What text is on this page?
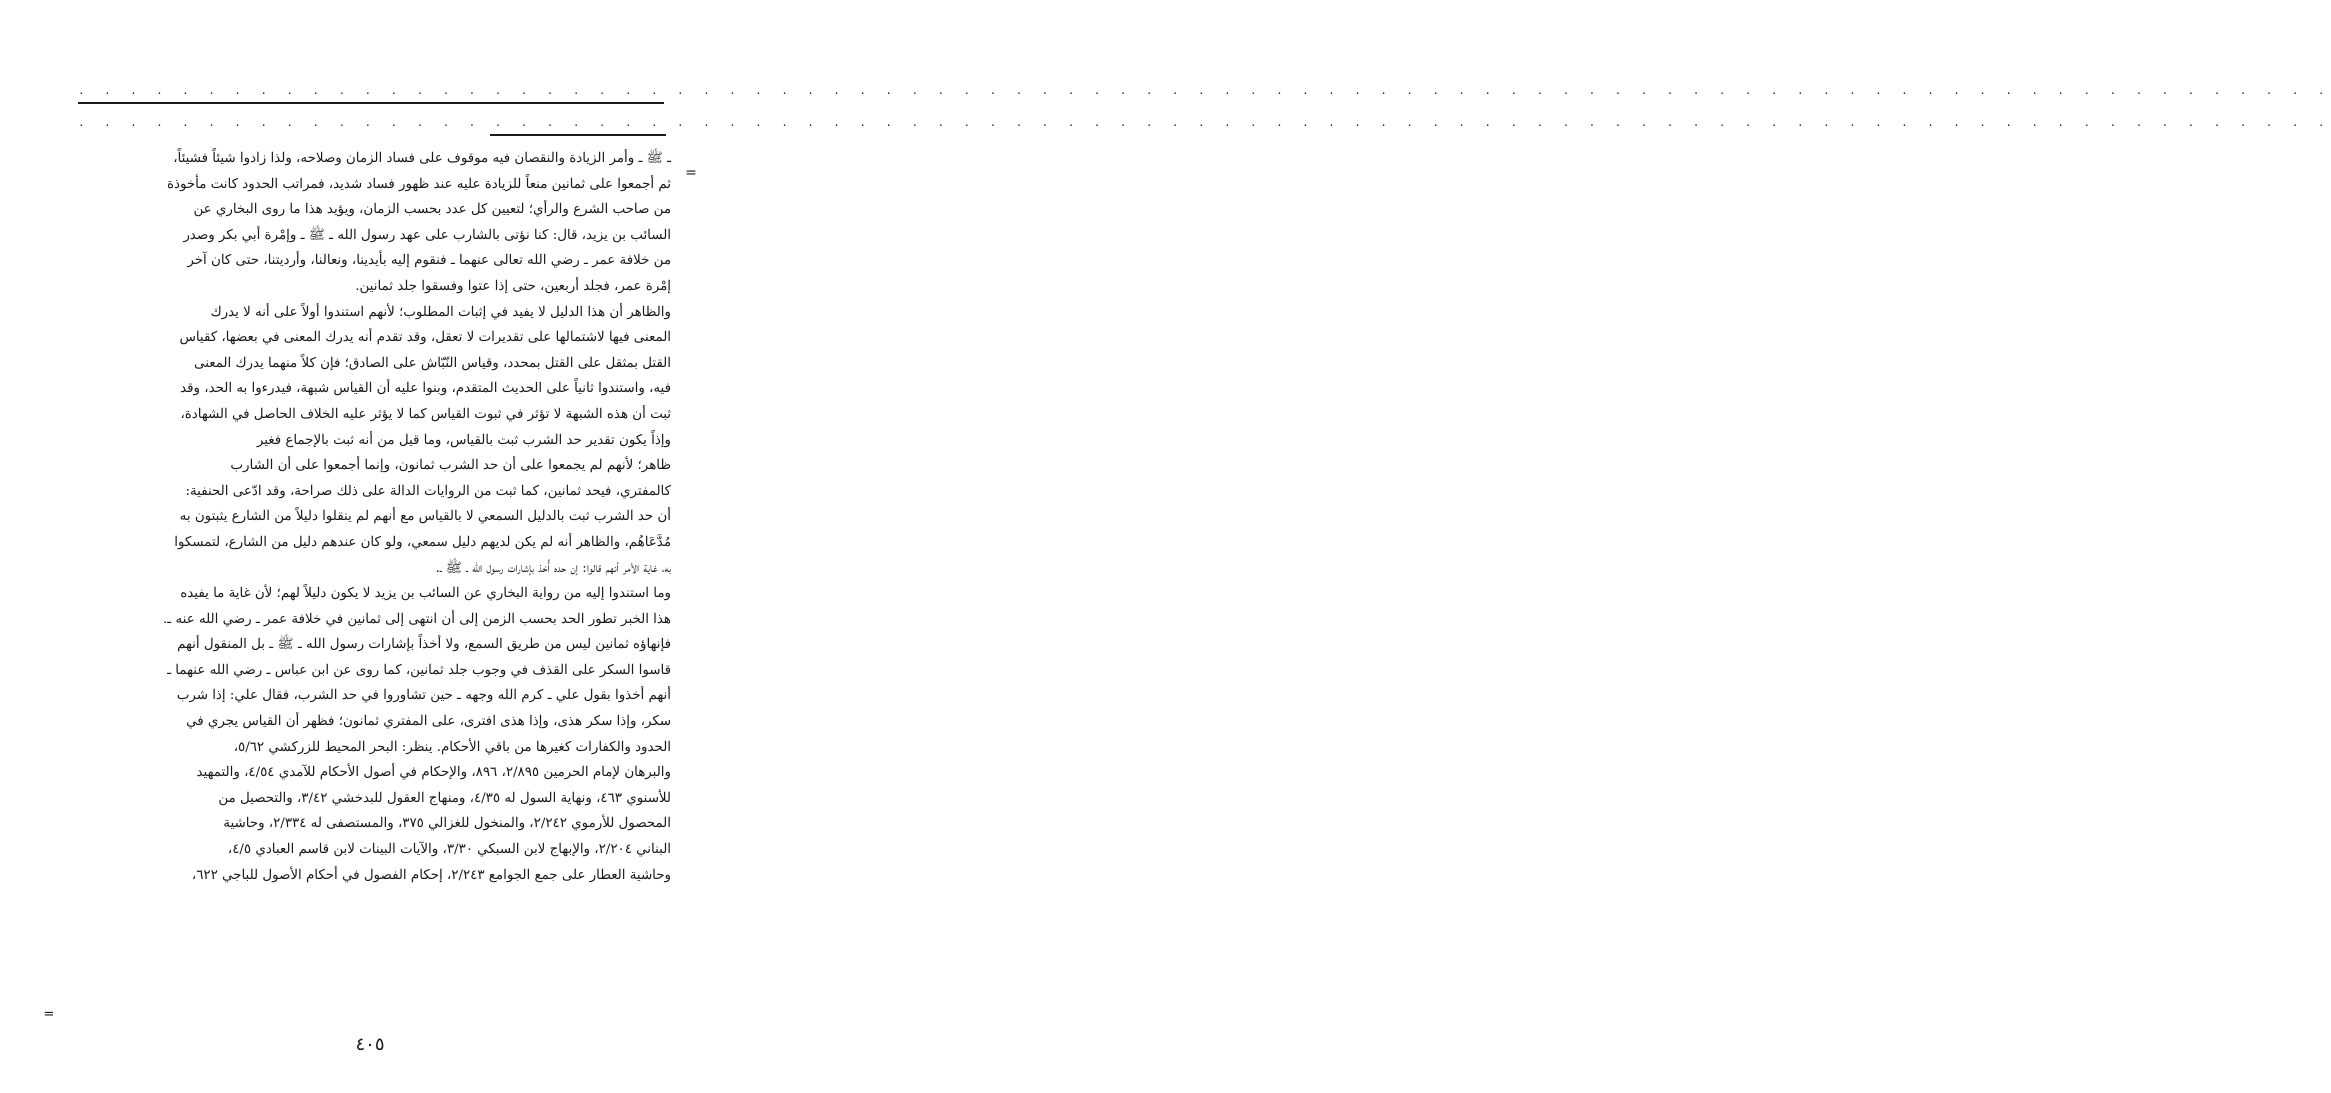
. . . . . . . . . . . . . . . . . . . . . . . . . . . . . . . . . . . . . . . . . . . . . . . . . . . . . . . . . . . . . . . . . . . . . . . . . . . . . . . . . . . . . . .
. . . . . . . . . . . . . . . . . . . . . . . . . . . . . . . . . . . . . . . . . . . . . . . . . . . . . . . . . . . . . . . . . . . . . . . . . . . . . . . . . . . . . . .
=
ـ ﷺ ـ وأمر الزيادة والنقصان فيه موقوف على فساد الزمان وصلاحه، ولذا زادوا شيئاً فشيئاً،
ثم أجمعوا على ثمانين منعاً للزيادة عليه عند ظهور فساد شديد، فمراتب الحدود كانت مأخوذة
من صاحب الشرع والرأي؛ لتعيين كل عدد بحسب الزمان، ويؤيد هذا ما روى البخاري عن
السائب بن يزيد، قال: كنا نؤتى بالشارب على عهد رسول الله ـ ﷺ ـ وإمْرة أبي بكر وصدر
من خلافة عمر ـ رضي الله تعالى عنهما ـ فنقوم إليه بأيدينا، ونعالنا، وأرديتنا، حتى كان آخر
إمْرة عمر، فجلد أربعين، حتى إذا عتوا وفسقوا جلد ثمانين.
والظاهر أن هذا الدليل لا يفيد في إثبات المطلوب؛ لأنهم استندوا أولاً على أنه لا يدرك
المعنى فيها لاشتمالها على تقديرات لا تعقل، وقد تقدم أنه يدرك المعنى في بعضها، كقياس
القتل بمثقل على القتل بمحدد، وقياس النّبّاش على الصادق؛ فإن كلاً منهما يدرك المعنى
فيه، واستندوا ثانياً على الحديث المتقدم، وبنوا عليه أن القياس شبهة، فيدرءوا به الحد، وقد
ثبت أن هذه الشبهة لا تؤثر في ثبوت القياس كما لا يؤثر عليه الخلاف الحاصل في الشهادة،
وإذاً يكون تقدير حد الشرب ثبت بالقياس، وما قيل من أنه ثبت بالإجماع فغير
ظاهر؛ لأنهم لم يجمعوا على أن حد الشرب ثمانون، وإنما أجمعوا على أن الشارب
كالمفتري، فيحد ثمانين، كما ثبت من الروايات الدالة على ذلك صراحة، وقد ادّعى الحنفية:
أن حد الشرب ثبت بالدليل السمعي لا بالقياس مع أنهم لم ينقلوا دليلاً من الشارع يثبتون به
مُدَّعَاهُم، والظاهر أنه لم يكن لديهم دليل سمعي، ولو كان عندهم دليل من الشارع، لتمسكوا
به، غاية الأمر أنهم قالوا: إن حده أُخذ بإشارات رسول الله ـ ﷺ ـ.
وما استندوا إليه من رواية البخاري عن السائب بن يزيد لا يكون دليلاً لهم؛ لأن غاية ما يفيده
هذا الخبر تطور الحد بحسب الزمن إلى أن انتهى إلى ثمانين في خلافة عمر ـ رضي الله عنه ـ.
فإنهاؤه ثمانين ليس من طريق السمع، ولا أخذاً بإشارات رسول الله ـ ﷺ ـ بل المنقول أنهم
قاسوا السكر على القذف في وجوب جلد ثمانين، كما روى عن ابن عباس ـ رضي الله عنهما ـ
أنهم أخذوا بقول علي ـ كرم الله وجهه ـ حين تشاوروا في حد الشرب، فقال علي: إذا شرب
سكر، وإذا سكر هذى، وإذا هذى افترى، على المفتري ثمانون؛ فظهر أن القياس يجري في
الحدود والكفارات كغيرها من باقي الأحكام. ينظر: البحر المحيط للزركشي ٥/٦٢،
والبرهان لإمام الحرمين ٢/٨٩٥، ٨٩٦، والإحكام في أصول الأحكام للآمدي ٤/٥٤، والتمهيد
للأسنوي ٤٦٣، ونهاية السول له ٤/٣٥، ومنهاج العقول للبدخشي ٣/٤٢، والتحصيل من
المحصول للأرموي ٢/٢٤٢، والمنخول للغزالي ٣٧٥، والمستصفى له ٢/٣٣٤، وحاشية
البناني ٢/٢٠٤، والإبهاج لابن السبكي ٣/٣٠، والآيات البينات لابن قاسم العبادي ٤/٥،
وحاشية العطار على جمع الجوامع ٢/٢٤٣، إحكام الفصول في أحكام الأصول للباجي ٦٢٢،
=
٤٠٥
